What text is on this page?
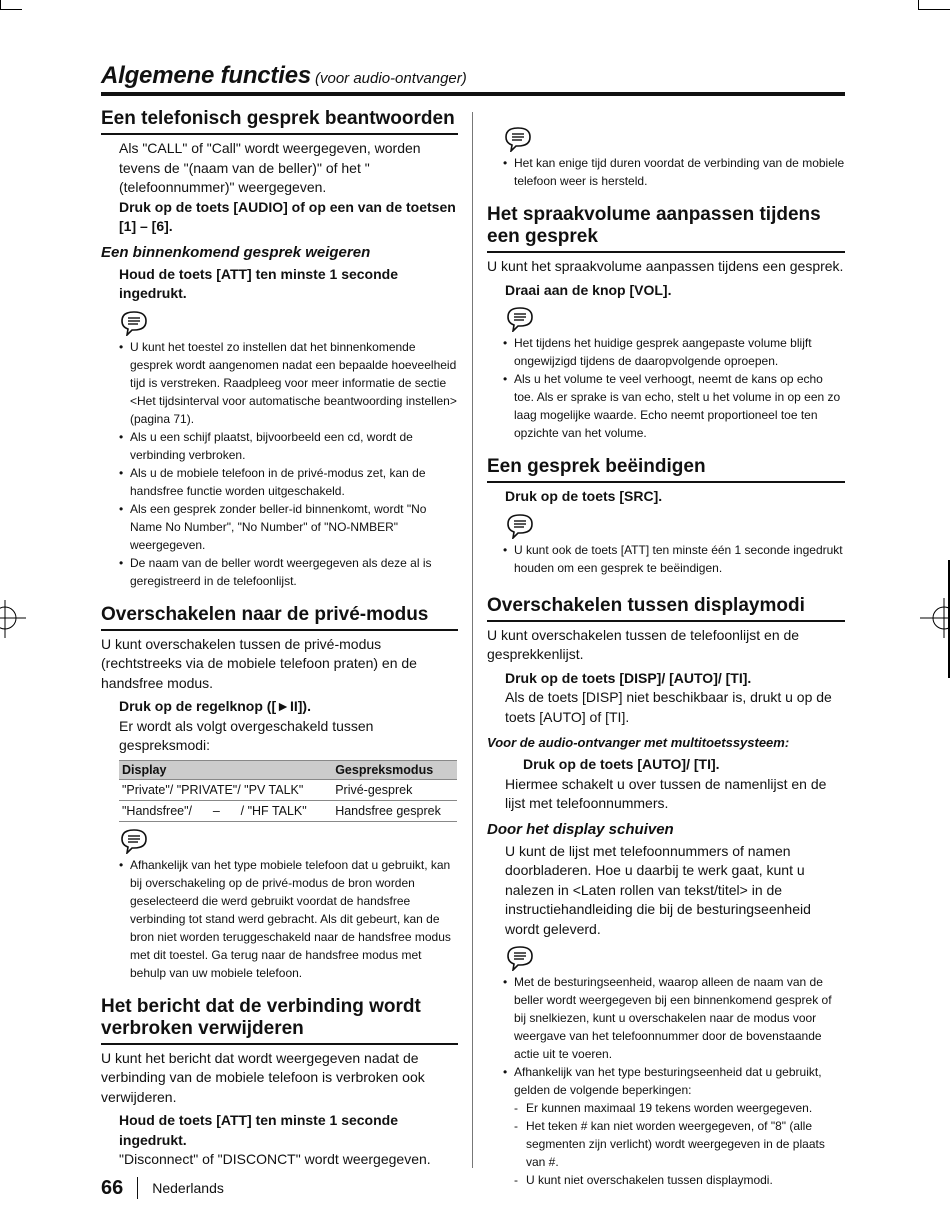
Algemene functies (voor audio-ontvanger)
Een telefonisch gesprek beantwoorden

Als "CALL" of "Call" wordt weergegeven, worden tevens de "(naam van de beller)" of het "(telefoonnummer)" weergegeven.

Druk op de toets [AUDIO] of op een van de toetsen [1] – [6].

Een binnenkomend gesprek weigeren

Houd de toets [ATT] ten minste 1 seconde ingedrukt.

• U kunt het toestel zo instellen dat het binnenkomende gesprek wordt aangenomen nadat een bepaalde hoeveelheid tijd is verstreken. Raadpleeg voor meer informatie de sectie <Het tijdsinterval voor automatische beantwoording instellen> (pagina 71).
• Als u een schijf plaatst, bijvoorbeeld een cd, wordt de verbinding verbroken.
• Als u de mobiele telefoon in de privé-modus zet, kan de handsfree functie worden uitgeschakeld.
• Als een gesprek zonder beller-id binnenkomt, wordt "No Name No Number", "No Number" of "NO-NMBER" weergegeven.
• De naam van de beller wordt weergegeven als deze al is geregistreerd in de telefoonlijst.
Overschakelen naar de privé-modus

U kunt overschakelen tussen de privé-modus (rechtstreeks via de mobiele telefoon praten) en de handsfree modus.

Druk op de regelknop ([►II]).

Er wordt als volgt overgeschakeld tussen gespreksmodi:

Display	Gespreksmodus
"Private"/ "PRIVATE"/ "PV TALK"	Privé-gesprek
"Handsfree"/      –      / "HF TALK"	Handsfree gesprek
• Afhankelijk van het type mobiele telefoon dat u gebruikt, kan bij overschakeling op de privé-modus de bron worden geselecteerd die werd gebruikt voordat de handsfree verbinding tot stand werd gebracht. Als dit gebeurt, kan de bron niet worden teruggeschakeld naar de handsfree modus met dit toestel. Ga terug naar de handsfree modus met behulp van uw mobiele telefoon.
Het bericht dat de verbinding wordt verbroken verwijderen

U kunt het bericht dat wordt weergegeven nadat de verbinding van de mobiele telefoon is verbroken ook verwijderen.

Houd de toets [ATT] ten minste 1 seconde ingedrukt.

"Disconnect" of "DISCONCT" wordt weergegeven.

• Het kan enige tijd duren voordat de verbinding van de mobiele telefoon weer is hersteld.
Het spraakvolume aanpassen tijdens een gesprek

U kunt het spraakvolume aanpassen tijdens een gesprek.

Draai aan de knop [VOL].

• Het tijdens het huidige gesprek aangepaste volume blijft ongewijzigd tijdens de daaropvolgende oproepen.
• Als u het volume te veel verhoogt, neemt de kans op echo toe. Als er sprake is van echo, stelt u het volume in op een zo laag mogelijke waarde. Echo neemt proportioneel toe ten opzichte van het volume.
Een gesprek beëindigen

Druk op de toets [SRC].

• U kunt ook de toets [ATT] ten minste één 1 seconde ingedrukt houden om een gesprek te beëindigen.
Overschakelen tussen displaymodi

U kunt overschakelen tussen de telefoonlijst en de gesprekkenlijst.

Druk op de toets [DISP]/ [AUTO]/ [TI].

Als de toets [DISP] niet beschikbaar is, drukt u op de toets [AUTO] of [TI].

Voor de audio-ontvanger met multitoetssysteem:

Druk op de toets [AUTO]/ [TI].

Hiermee schakelt u over tussen de namenlijst en de lijst met telefoonnummers.

Door het display schuiven

U kunt de lijst met telefoonnummers of namen doorbladeren. Hoe u daarbij te werk gaat, kunt u nalezen in <Laten rollen van tekst/titel> in de instructiehandleiding die bij de besturingseenheid wordt geleverd.

• Met de besturingseenheid, waarop alleen de naam van de beller wordt weergegeven bij een binnenkomend gesprek of bij snelkiezen, kunt u overschakelen naar de modus voor weergave van het telefoonnummer door de bovenstaande actie uit te voeren.
• Afhankelijk van het type besturingseenheid dat u gebruikt, gelden de volgende beperkingen:
- Er kunnen maximaal 19 tekens worden weergegeven.
- Het teken # kan niet worden weergegeven, of "8" (alle segmenten zijn verlicht) wordt weergegeven in de plaats van #.
- U kunt niet overschakelen tussen displaymodi.
66 Nederlands
